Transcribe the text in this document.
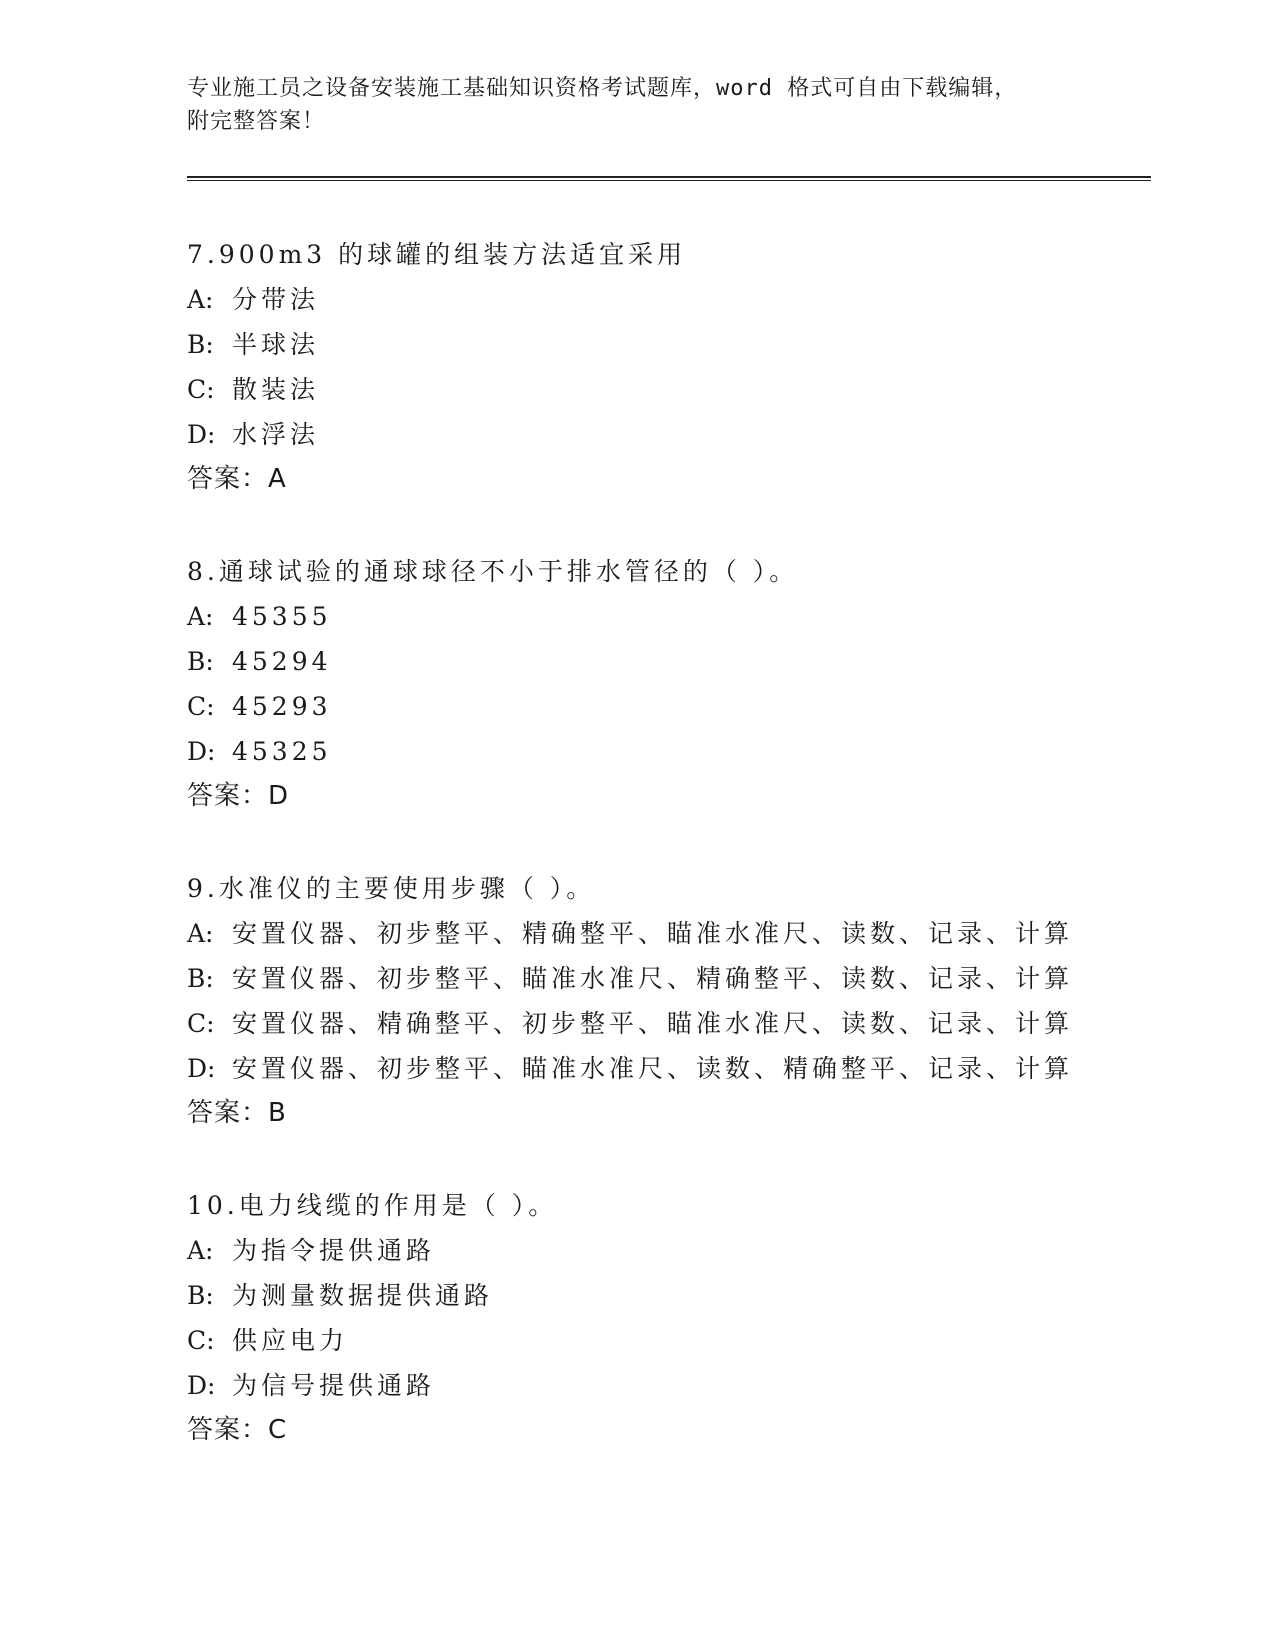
专业施工员之设备安装施工基础知识资格考试题库，word 格式可自由下载编辑，
附完整答案！
7.900m3 的球罐的组装方法适宜采用
A: 分带法
B: 半球法
C: 散装法
D: 水浮法
答案：A
8.通球试验的通球球径不小于排水管径的（ ）。
A: 45355
B: 45294
C: 45293
D: 45325
答案：D
9.水准仪的主要使用步骤（ ）。
A: 安置仪器、初步整平、精确整平、瞄准水准尺、读数、记录、计算
B: 安置仪器、初步整平、瞄准水准尺、精确整平、读数、记录、计算
C: 安置仪器、精确整平、初步整平、瞄准水准尺、读数、记录、计算
D: 安置仪器、初步整平、瞄准水准尺、读数、精确整平、记录、计算
答案：B
10.电力线缆的作用是（ ）。
A: 为指令提供通路
B: 为测量数据提供通路
C: 供应电力
D: 为信号提供通路
答案：C
